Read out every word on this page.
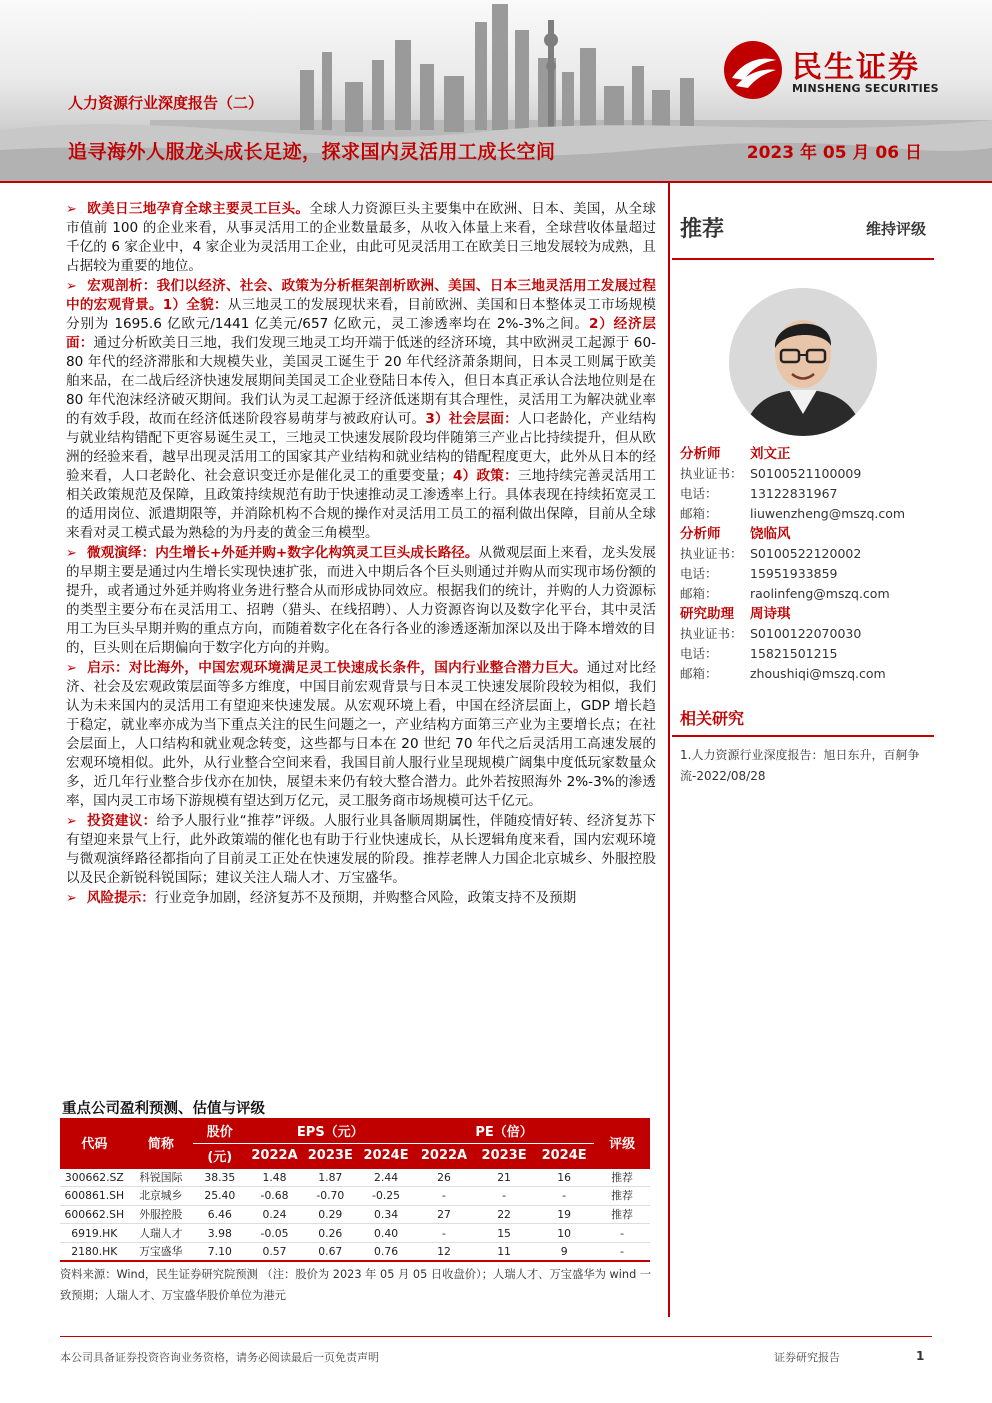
民生证券
MINSHENG SECURITIES
人力资源行业深度报告（二）
追寻海外人服龙头成长足迹，探求国内灵活用工成长空间	2023 年 05 月 06 日
➢ 欧美日三地孕育全球主要灵工巨头。全球人力资源巨头主要集中在欧洲、日本、美国，从全球市值前 100 的企业来看，从事灵活用工的企业数量最多，从收入体量上来看，全球营收体量超过千亿的 6 家企业中，4 家企业为灵活用工企业，由此可见灵活用工在欧美日三地发展较为成熟，且占据较为重要的地位。
➢ 宏观剖析：我们以经济、社会、政策为分析框架剖析欧洲、美国、日本三地灵活用工发展过程中的宏观背景。1）全貌：从三地灵工的发展现状来看，目前欧洲、美国和日本整体灵工市场规模分别为 1695.6 亿欧元/1441 亿美元/657 亿欧元，灵工渗透率均在 2%-3%之间。2）经济层面：通过分析欧美日三地，我们发现三地灵工均开端于低迷的经济环境，其中欧洲灵工起源于 60-80 年代的经济滞胀和大规模失业，美国灵工诞生于 20 年代经济萧条期间，日本灵工则属于欧美舶来品，在二战后经济快速发展期间美国灵工企业登陆日本传入，但日本真正承认合法地位则是在 80 年代泡沫经济破灭期间。我们认为灵工起源于经济低迷期有其合理性，灵活用工为解决就业率的有效手段，故而在经济低迷阶段容易萌芽与被政府认可。3）社会层面：人口老龄化，产业结构与就业结构错配下更容易诞生灵工，三地灵工快速发展阶段均伴随第三产业占比持续提升，但从欧洲的经验来看，越早出现灵活用工的国家其产业结构和就业结构的错配程度更大，此外从日本的经验来看，人口老龄化、社会意识变迁亦是催化灵工的重要变量；4）政策：三地持续完善灵活用工相关政策规范及保障，且政策持续规范有助于快速推动灵工渗透率上行。具体表现在持续拓宽灵工的适用岗位、派遣期限等，并消除机构不合规的操作对灵活用工员工的福利做出保障，目前从全球来看对灵工模式最为熟稔的为丹麦的黄金三角模型。
➢ 微观演绎：内生增长+外延并购+数字化构筑灵工巨头成长路径。从微观层面上来看，龙头发展的早期主要是通过内生增长实现快速扩张，而进入中期后各个巨头则通过并购从而实现市场份额的提升，或者通过外延并购将业务进行整合从而形成协同效应。根据我们的统计，并购的人力资源标的类型主要分布在灵活用工、招聘（猎头、在线招聘）、人力资源咨询以及数字化平台，其中灵活用工为巨头早期并购的重点方向，而随着数字化在各行各业的渗透逐渐加深以及出于降本增效的目的，巨头则在后期偏向于数字化方向的并购。
➢ 启示：对比海外，中国宏观环境满足灵工快速成长条件，国内行业整合潜力巨大。通过对比经济、社会及宏观政策层面等多方维度，中国目前宏观背景与日本灵工快速发展阶段较为相似，我们认为未来国内的灵活用工有望迎来快速发展。从宏观环境上看，中国在经济层面上，GDP 增长趋于稳定，就业率亦成为当下重点关注的民生问题之一，产业结构方面第三产业为主要增长点；在社会层面上，人口结构和就业观念转变，这些都与日本在 20 世纪 70 年代之后灵活用工高速发展的宏观环境相似。此外，从行业整合空间来看，我国目前人服行业呈现规模广阔集中度低玩家数量众多，近几年行业整合步伐亦在加快，展望未来仍有较大整合潜力。此外若按照海外 2%-3%的渗透率，国内灵工市场下游规模有望达到万亿元，灵工服务商市场规模可达千亿元。
➢ 投资建议：给予人服行业“推荐”评级。人服行业具备顺周期属性，伴随疫情好转、经济复苏下有望迎来景气上行，此外政策端的催化也有助于行业快速成长，从长逻辑角度来看，国内宏观环境与微观演绎路径都指向了目前灵工正处在快速发展的阶段。推荐老牌人力国企北京城乡、外服控股以及民企新锐科锐国际；建议关注人瑞人才、万宝盛华。
➢ 风险提示：行业竞争加剧，经济复苏不及预期，并购整合风险，政策支持不及预期
推荐	维持评级
分析师	刘文正
执业证书： S0100521100009
电话：	13122831967
邮箱：	liuwenzheng@mszq.com
分析师	饶临风
执业证书： S0100522120002
电话：	15951933859
邮箱：	raolinfeng@mszq.com
研究助理	周诗琪
执业证书： S0100122070030
电话：	15821501215
邮箱：	zhoushiqi@mszq.com
相关研究
1.人力资源行业深度报告：旭日东升，百舸争流-2022/08/28
重点公司盈利预测、估值与评级
代码	简称	股价	EPS（元）			PE（倍）			评级
		(元)	2022A	2023E	2024E	2022A	2023E	2024E	
300662.SZ	科锐国际	38.35	1.48	1.87	2.44	26	21	16	推荐
600861.SH	北京城乡	25.40	-0.68	-0.70	-0.25	-	-	-	推荐
600662.SH	外服控股	6.46	0.24	0.29	0.34	27	22	19	推荐
6919.HK	人瑞人才	3.98	-0.05	0.26	0.40	-	15	10	-
2180.HK	万宝盛华	7.10	0.57	0.67	0.76	12	11	9	-
资料来源：Wind，民生证券研究院预测 （注：股价为 2023 年 05 月 05 日收盘价）；人瑞人才、万宝盛华为 wind 一致预期；人瑞人才、万宝盛华股价单位为港元
本公司具备证券投资咨询业务资格，请务必阅读最后一页免责声明	证券研究报告	1
